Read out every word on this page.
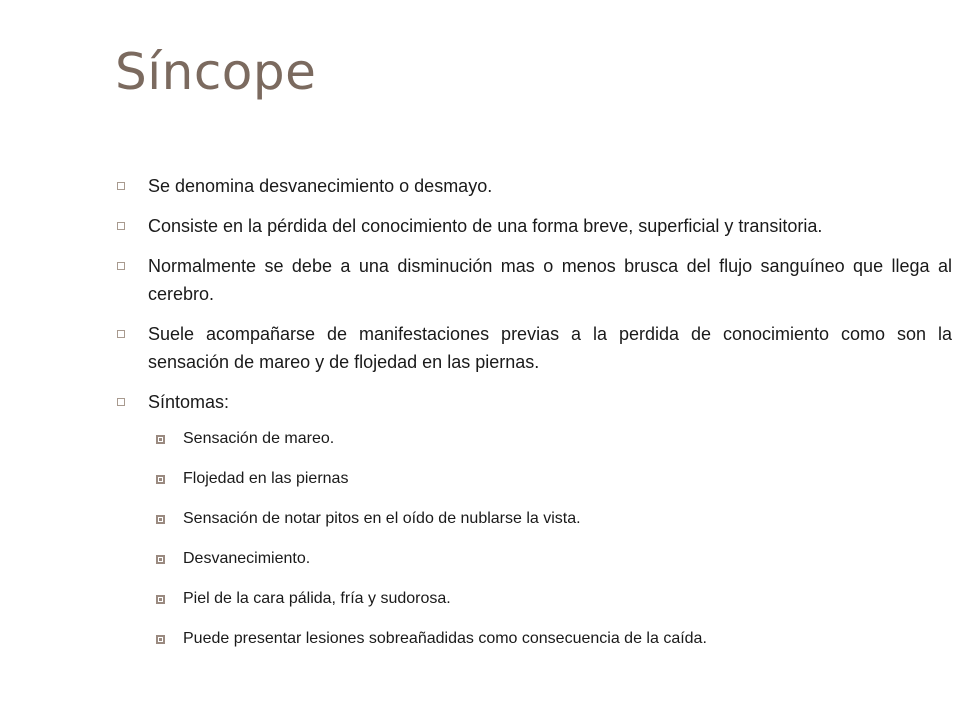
Síncope
Se denomina desvanecimiento o desmayo.
Consiste en la pérdida del conocimiento de una forma breve, superficial y transitoria.
Normalmente se debe a una disminución mas o menos brusca del flujo sanguíneo que llega al cerebro.
Suele acompañarse de manifestaciones previas a la perdida de conocimiento como son la sensación de mareo y de flojedad en las piernas.
Síntomas:
Sensación de mareo.
Flojedad en las piernas
Sensación de notar pitos en el oído de nublarse la vista.
Desvanecimiento.
Piel de la cara pálida, fría y sudorosa.
Puede presentar lesiones sobreañadidas como consecuencia de la caída.
